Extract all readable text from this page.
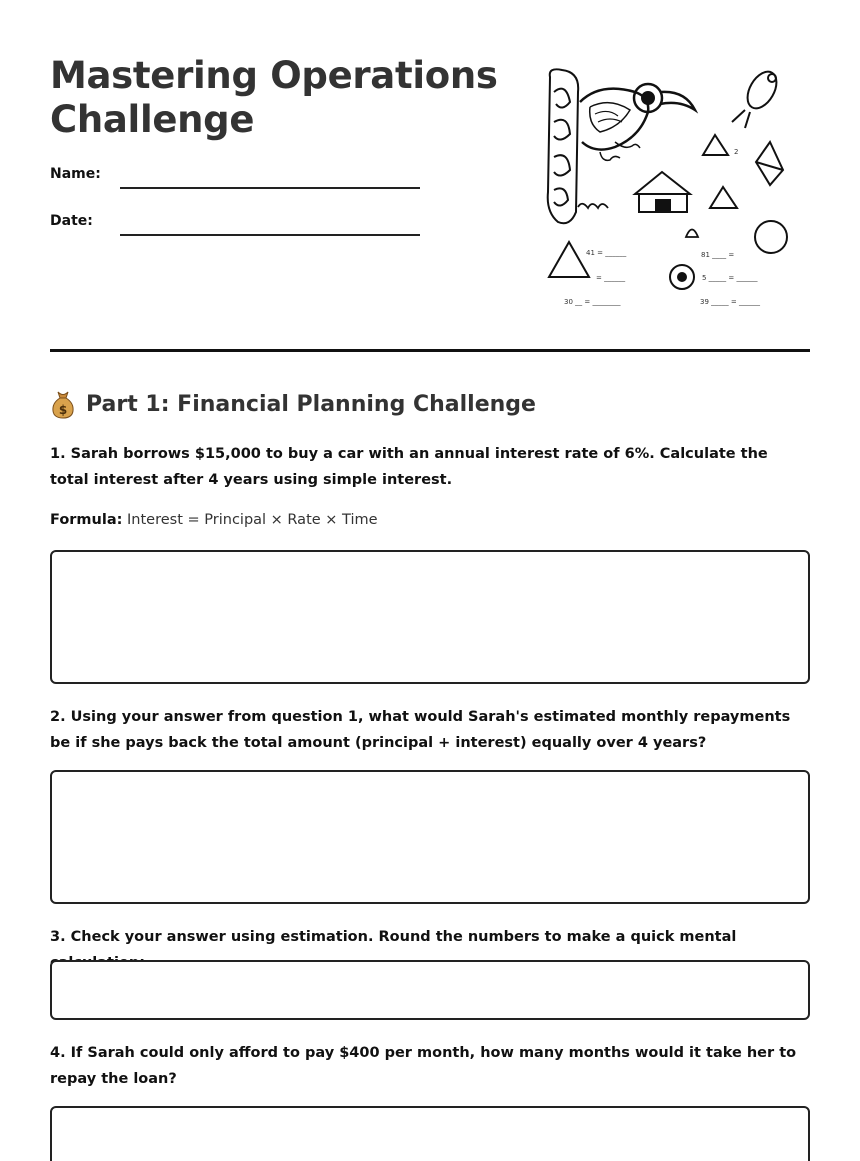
Mastering Operations
Challenge
Name:
Date:
2
41 = ______
= ______
30 __ = ________
81 ____ =
5 _____ = ______
39 _____ = ______
$ Part 1: Financial Planning Challenge
1. Sarah borrows $15,000 to buy a car with an annual interest rate of 6%. Calculate the total interest after 4 years using simple interest.
Formula: Interest = Principal × Rate × Time
2. Using your answer from question 1, what would Sarah's estimated monthly repayments be if she pays back the total amount (principal + interest) equally over 4 years?
3. Check your answer using estimation. Round the numbers to make a quick mental
4. If Sarah could only afford to pay $400 per month, how many months would it take her to repay the loan?
